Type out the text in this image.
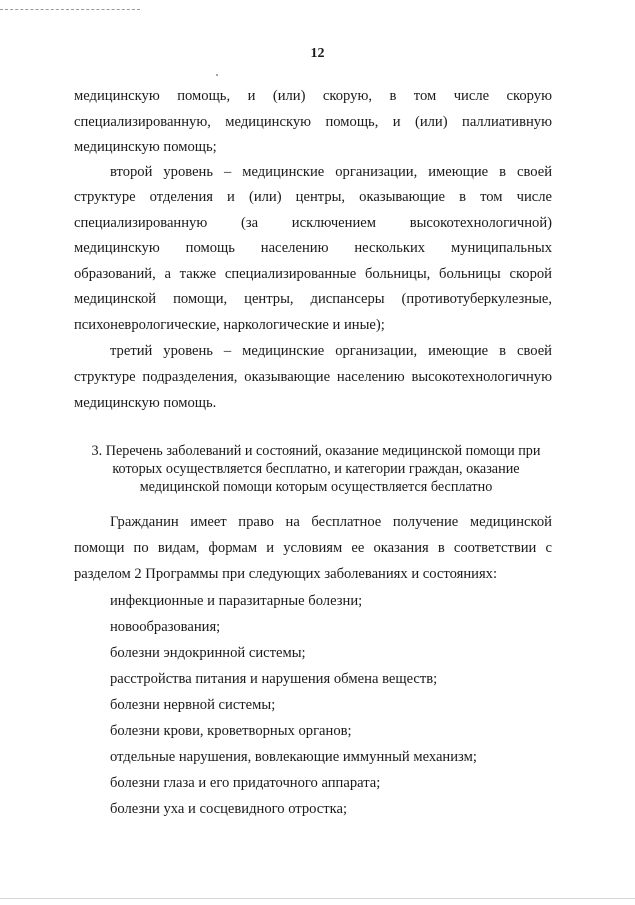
12
медицинскую помощь, и (или) скорую, в том числе скорую
специализированную, медицинскую помощь, и (или) паллиативную
медицинскую помощь;
второй уровень – медицинские организации, имеющие в своей
структуре отделения и (или) центры, оказывающие в том числе
специализированную (за исключением высокотехнологичной)
медицинскую помощь населению нескольких муниципальных
образований, а также специализированные больницы, больницы скорой
медицинской помощи, центры, диспансеры (противотуберкулезные,
психоневрологические, наркологические и иные);
третий уровень – медицинские организации, имеющие в своей
структуре подразделения, оказывающие населению высокотехнологичную
медицинскую помощь.
3. Перечень заболеваний и состояний, оказание медицинской помощи при
которых осуществляется бесплатно, и категории граждан, оказание
медицинской помощи которым осуществляется бесплатно
Гражданин имеет право на бесплатное получение медицинской
помощи по видам, формам и условиям ее оказания в соответствии с
разделом 2 Программы при следующих заболеваниях и состояниях:
инфекционные и паразитарные болезни;
новообразования;
болезни эндокринной системы;
расстройства питания и нарушения обмена веществ;
болезни нервной системы;
болезни крови, кроветворных органов;
отдельные нарушения, вовлекающие иммунный механизм;
болезни глаза и его придаточного аппарата;
болезни уха и сосцевидного отростка;
